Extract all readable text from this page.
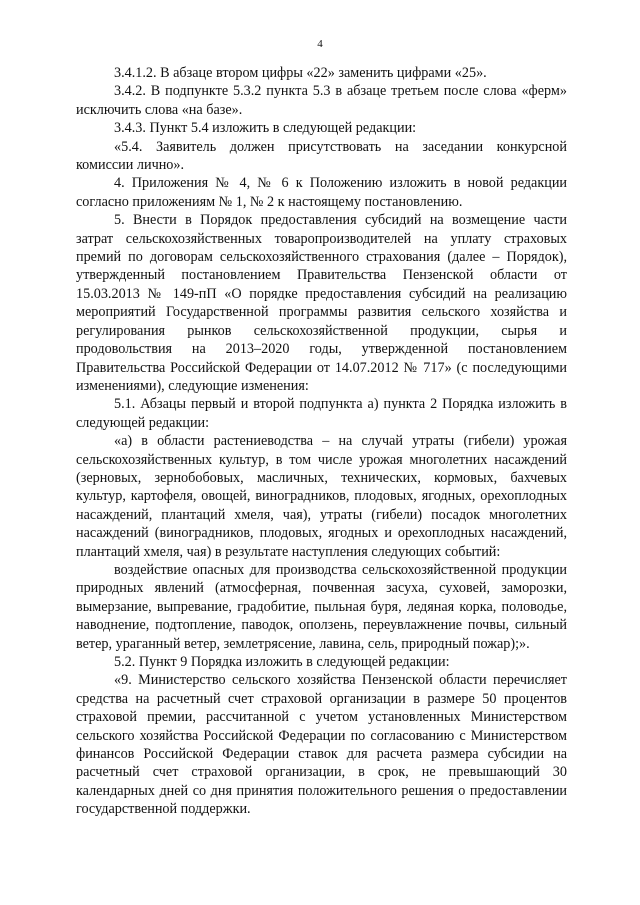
4

3.4.1.2. В абзаце втором цифры «22» заменить цифрами «25».

3.4.2. В подпункте 5.3.2 пункта 5.3 в абзаце третьем после слова «ферм» исключить слова «на базе».

3.4.3. Пункт 5.4 изложить в следующей редакции:

«5.4. Заявитель должен присутствовать на заседании конкурсной комиссии лично».

4. Приложения № 4, № 6 к Положению изложить в новой редакции согласно приложениям № 1, № 2 к настоящему постановлению.

5. Внести в Порядок предоставления субсидий на возмещение части затрат сельскохозяйственных товаропроизводителей на уплату страховых премий по договорам сельскохозяйственного страхования (далее – Порядок), утвержденный постановлением Правительства Пензенской области от 15.03.2013 № 149-пП «О порядке предоставления субсидий на реализацию мероприятий Государственной программы развития сельского хозяйства и регулирования рынков сельскохозяйственной продукции, сырья и продовольствия на 2013–2020 годы, утвержденной постановлением Правительства Российской Федерации от 14.07.2012 № 717» (с последующими изменениями), следующие изменения:

5.1. Абзацы первый и второй подпункта а) пункта 2 Порядка изложить в следующей редакции:

«а) в области растениеводства – на случай утраты (гибели) урожая сельскохозяйственных культур, в том числе урожая многолетних насаждений (зерновых, зернобобовых, масличных, технических, кормовых, бахчевых культур, картофеля, овощей, виноградников, плодовых, ягодных, орехоплодных насаждений, плантаций хмеля, чая), утраты (гибели) посадок многолетних насаждений (виноградников, плодовых, ягодных и орехоплодных насаждений, плантаций хмеля, чая) в результате наступления следующих событий:

воздействие опасных для производства сельскохозяйственной продукции природных явлений (атмосферная, почвенная засуха, суховей, заморозки, вымерзание, выпревание, градобитие, пыльная буря, ледяная корка, половодье, наводнение, подтопление, паводок, оползень, переувлажнение почвы, сильный ветер, ураганный ветер, землетрясение, лавина, сель, природный пожар);».

5.2. Пункт 9 Порядка изложить в следующей редакции:

«9. Министерство сельского хозяйства Пензенской области перечисляет средства на расчетный счет страховой организации в размере 50 процентов страховой премии, рассчитанной с учетом установленных Министерством сельского хозяйства Российской Федерации по согласованию с Министерством финансов Российской Федерации ставок для расчета размера субсидии на расчетный счет страховой организации, в срок, не превышающий 30 календарных дней со дня принятия положительного решения о предоставлении государственной поддержки.
